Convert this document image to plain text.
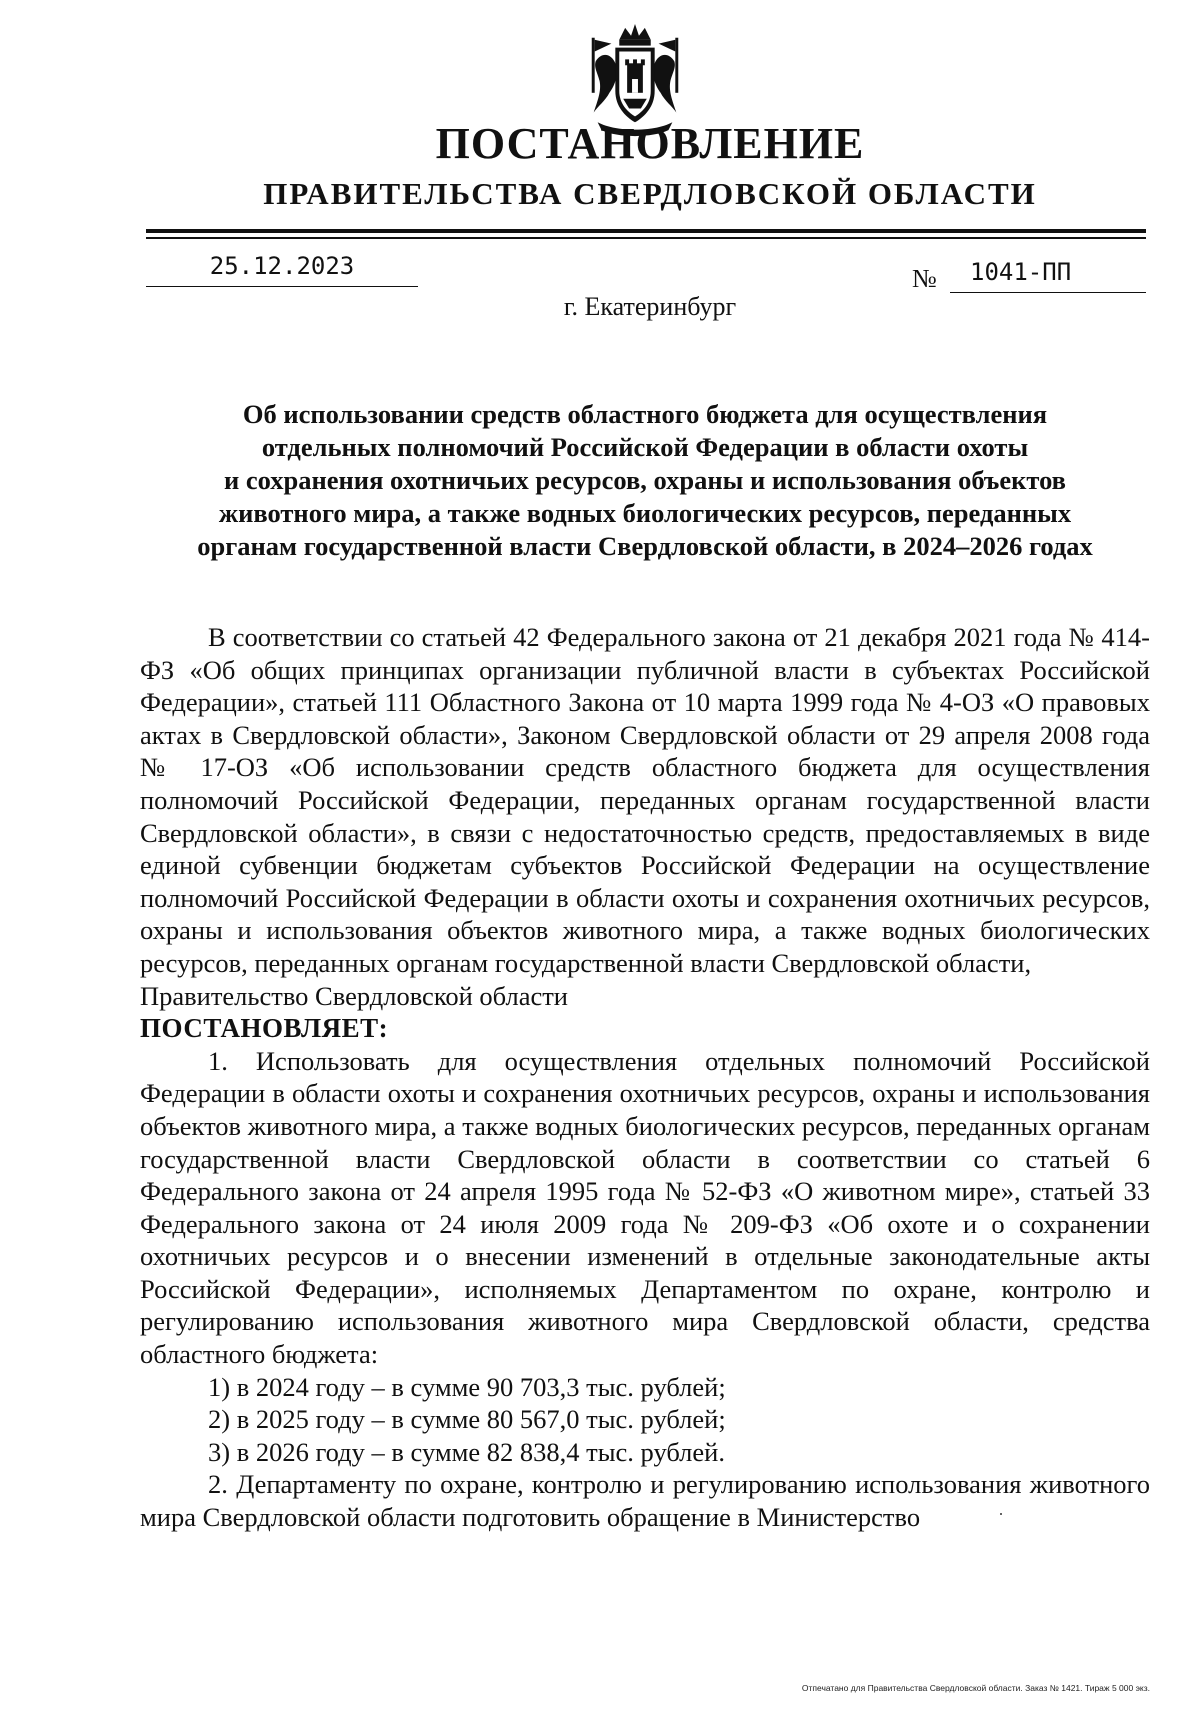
ПОСТАНОВЛЕНИЕ
ПРАВИТЕЛЬСТВА СВЕРДЛОВСКОЙ ОБЛАСТИ
25.12.2023	№	1041-ПП
г. Екатеринбург
Об использовании средств областного бюджета для осуществления
отдельных полномочий Российской Федерации в области охоты
и сохранения охотничьих ресурсов, охраны и использования объектов
животного мира, а также водных биологических ресурсов, переданных
органам государственной власти Свердловской области, в 2024–2026 годах

В соответствии со статьей 42 Федерального закона от 21 декабря 2021 года № 414-ФЗ «Об общих принципах организации публичной власти в субъектах Российской Федерации», статьей 111 Областного Закона от 10 марта 1999 года № 4-ОЗ «О правовых актах в Свердловской области», Законом Свердловской области от 29 апреля 2008 года № 17-ОЗ «Об использовании средств областного бюджета для осуществления полномочий Российской Федерации, переданных органам государственной власти Свердловской области», в связи с недостаточностью средств, предоставляемых в виде единой субвенции бюджетам субъектов Российской Федерации на осуществление полномочий Российской Федерации в области охоты и сохранения охотничьих ресурсов, охраны и использования объектов животного мира, а также водных биологических ресурсов, переданных органам государственной власти Свердловской области,

Правительство Свердловской области

ПОСТАНОВЛЯЕТ:

1. Использовать для осуществления отдельных полномочий Российской Федерации в области охоты и сохранения охотничьих ресурсов, охраны и использования объектов животного мира, а также водных биологических ресурсов, переданных органам государственной власти Свердловской области в соответствии со статьей 6 Федерального закона от 24 апреля 1995 года № 52-ФЗ «О животном мире», статьей 33 Федерального закона от 24 июля 2009 года № 209-ФЗ «Об охоте и о сохранении охотничьих ресурсов и о внесении изменений в отдельные законодательные акты Российской Федерации», исполняемых Департаментом по охране, контролю и регулированию использования животного мира Свердловской области, средства областного бюджета:

1) в 2024 году – в сумме 90 703,3 тыс. рублей;

2) в 2025 году – в сумме 80 567,0 тыс. рублей;

3) в 2026 году – в сумме 82 838,4 тыс. рублей.

2. Департаменту по охране, контролю и регулированию использования животного мира Свердловской области подготовить обращение в Министерство

Отпечатано для Правительства Свердловской области. Заказ № 1421. Тираж 5 000 экз.
